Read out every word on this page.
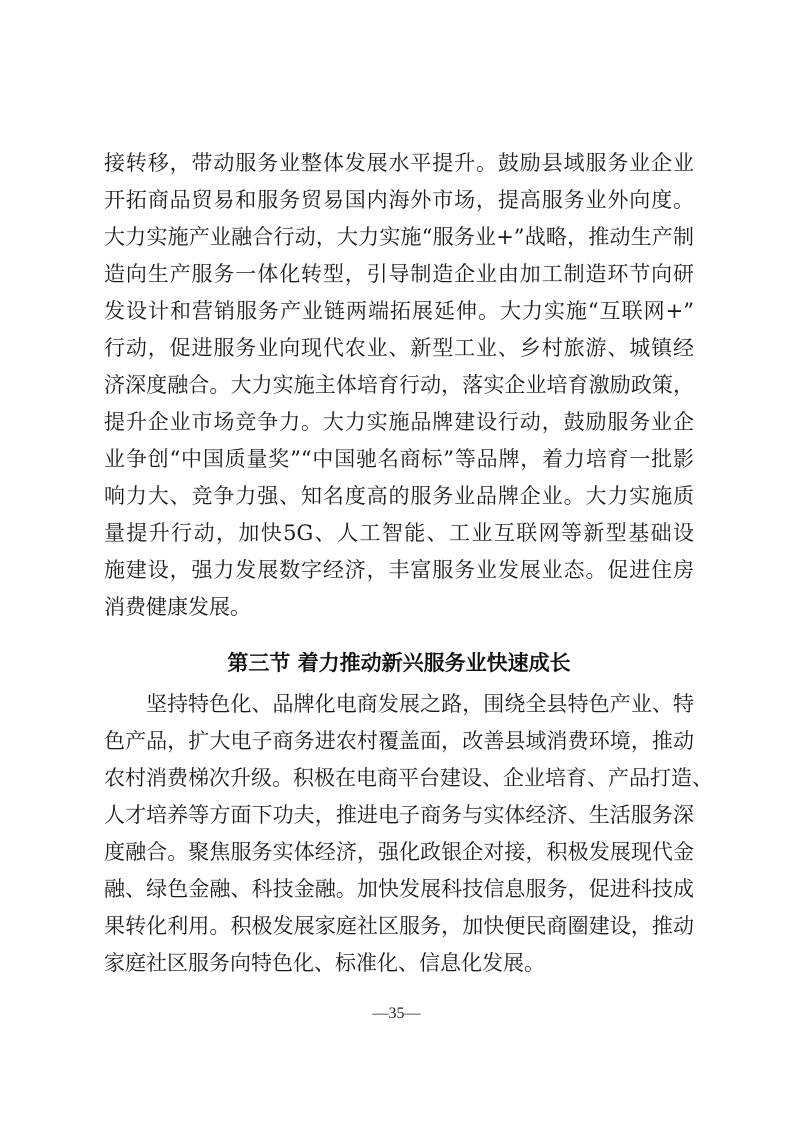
接转移，带动服务业整体发展水平提升。鼓励县域服务业企业
开拓商品贸易和服务贸易国内海外市场，提高服务业外向度。
大力实施产业融合行动，大力实施“服务业+”战略，推动生产制
造向生产服务一体化转型，引导制造企业由加工制造环节向研
发设计和营销服务产业链两端拓展延伸。大力实施“互联网+”
行动，促进服务业向现代农业、新型工业、乡村旅游、城镇经
济深度融合。大力实施主体培育行动，落实企业培育激励政策，
提升企业市场竞争力。大力实施品牌建设行动，鼓励服务业企
业争创“中国质量奖”“中国驰名商标”等品牌，着力培育一批影
响力大、竞争力强、知名度高的服务业品牌企业。大力实施质
量提升行动，加快5G、人工智能、工业互联网等新型基础设
施建设，强力发展数字经济，丰富服务业发展业态。促进住房
消费健康发展。
第三节 着力推动新兴服务业快速成长
坚持特色化、品牌化电商发展之路，围绕全县特色产业、特
色产品，扩大电子商务进农村覆盖面，改善县域消费环境，推动
农村消费梯次升级。积极在电商平台建设、企业培育、产品打造、
人才培养等方面下功夫，推进电子商务与实体经济、生活服务深
度融合。聚焦服务实体经济，强化政银企对接，积极发展现代金
融、绿色金融、科技金融。加快发展科技信息服务，促进科技成
果转化利用。积极发展家庭社区服务，加快便民商圈建设，推动
家庭社区服务向特色化、标准化、信息化发展。
—35—
